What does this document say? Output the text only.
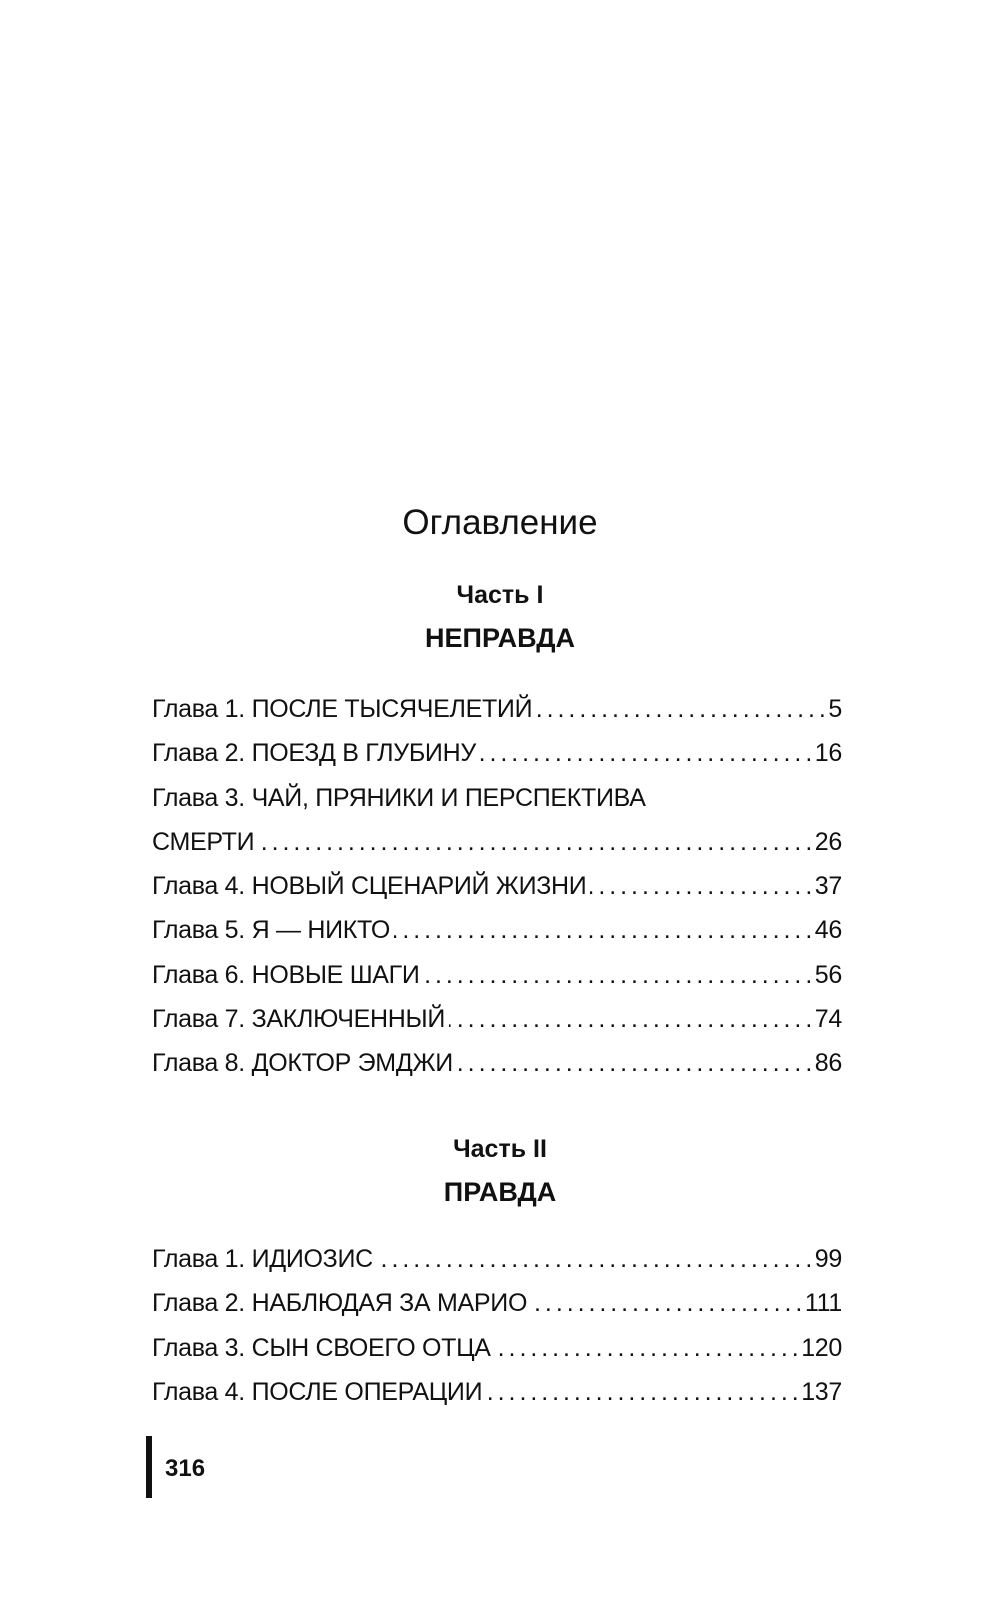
Оглавление
Часть I
НЕПРАВДА
Глава 1. ПОСЛЕ ТЫСЯЧЕЛЕТИЙ . . .	5
Глава 2. ПОЕЗД В ГЛУБИНУ . . .	16
Глава 3. ЧАЙ, ПРЯНИКИ И ПЕРСПЕКТИВА
СМЕРТИ . . .	26
Глава 4. НОВЫЙ СЦЕНАРИЙ ЖИЗНИ . . .	37
Глава 5. Я — НИКТО . . .	46
Глава 6. НОВЫЕ ШАГИ . . .	56
Глава 7. ЗАКЛЮЧЕННЫЙ . . .	74
Глава 8. ДОКТОР ЭМДЖИ . . .	86
Часть II
ПРАВДА
Глава 1. ИДИОЗИС . . .	99
Глава 2. НАБЛЮДАЯ ЗА МАРИО . . .	111
Глава 3. СЫН СВОЕГО ОТЦА . . .	120
Глава 4. ПОСЛЕ ОПЕРАЦИИ . . .	137
316
